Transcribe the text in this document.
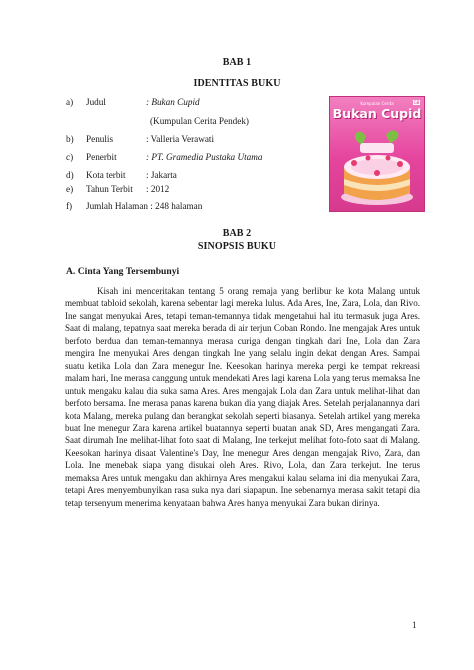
BAB 1
IDENTITAS BUKU
a) Judul	: Bukan Cupid
(Kumpulan Cerita Pendek)
b) Penulis	: Valleria Verawati
c) Penerbit	: PT. Gramedia Pustaka Utama
d) Kota terbit : Jakarta
e) Tahun Terbit : 2012
f) Jumlah Halaman : 248 halaman
Kumpulan Cerita	GB
Bukan Cupid
BAB 2
SINOPSIS BUKU
A. Cinta Yang Tersembunyi

Kisah ini menceritakan tentang 5 orang remaja yang berlibur ke kota Malang untuk membuat tabloid sekolah, karena sebentar lagi mereka lulus. Ada Ares, Ine, Zara, Lola, dan Rivo. Ine sangat menyukai Ares, tetapi teman-temannya tidak mengetahui hal itu termasuk juga Ares. Saat di malang, tepatnya saat mereka berada di air terjun Coban Rondo. Ine mengajak Ares untuk berfoto berdua dan teman-temannya merasa curiga dengan tingkah dari Ine, Lola dan Zara mengira Ine menyukai Ares dengan tingkah Ine yang selalu ingin dekat dengan Ares. Sampai suatu ketika Lola dan Zara menegur Ine. Keesokan harinya mereka pergi ke tempat rekreasi malam hari, Ine merasa canggung untuk mendekati Ares lagi karena Lola yang terus memaksa Ine untuk mengaku kalau dia suka sama Ares. Ares mengajak Lola dan Zara untuk melihat-lihat dan berfoto bersama. Ine merasa panas karena bukan dia yang diajak Ares. Setelah perjalanannya dari kota Malang, mereka pulang dan berangkat sekolah seperti biasanya. Setelah artikel yang mereka buat Ine menegur Zara karena artikel buatannya seperti buatan anak SD, Ares mengangati Zara. Saat dirumah Ine melihat-lihat foto saat di Malang, Ine terkejut melihat foto-foto saat di Malang. Keesokan harinya disaat Valentine's Day, Ine menegur Ares dengan mengajak Rivo, Zara, dan Lola. Ine menebak siapa yang disukai oleh Ares. Rivo, Lola, dan Zara terkejut. Ine terus memaksa Ares untuk mengaku dan akhirnya Ares mengakui kalau selama ini dia menyukai Zara, tetapi Ares menyembunyikan rasa suka nya dari siapapun. Ine sebenarnya merasa sakit tetapi dia tetap tersenyum menerima kenyataan bahwa Ares hanya menyukai Zara bukan dirinya.

1
